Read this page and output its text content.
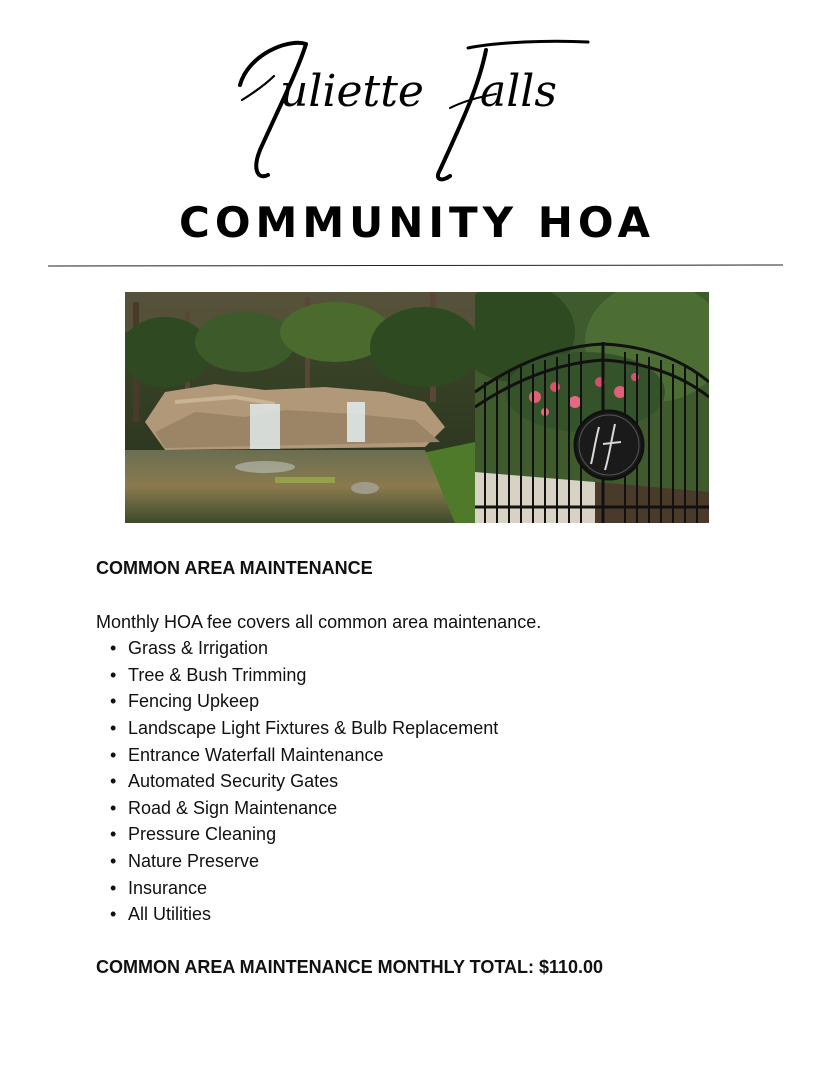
uliette alls
COMMUNITY HOA

COMMON AREA MAINTENANCE

Monthly HOA fee covers all common area maintenance.

• Grass & Irrigation
• Tree & Bush Trimming
• Fencing Upkeep
• Landscape Light Fixtures & Bulb Replacement
• Entrance Waterfall Maintenance
• Automated Security Gates
• Road & Sign Maintenance
• Pressure Cleaning
• Nature Preserve
• Insurance
• All Utilities

COMMON AREA MAINTENANCE MONTHLY TOTAL: $110.00
